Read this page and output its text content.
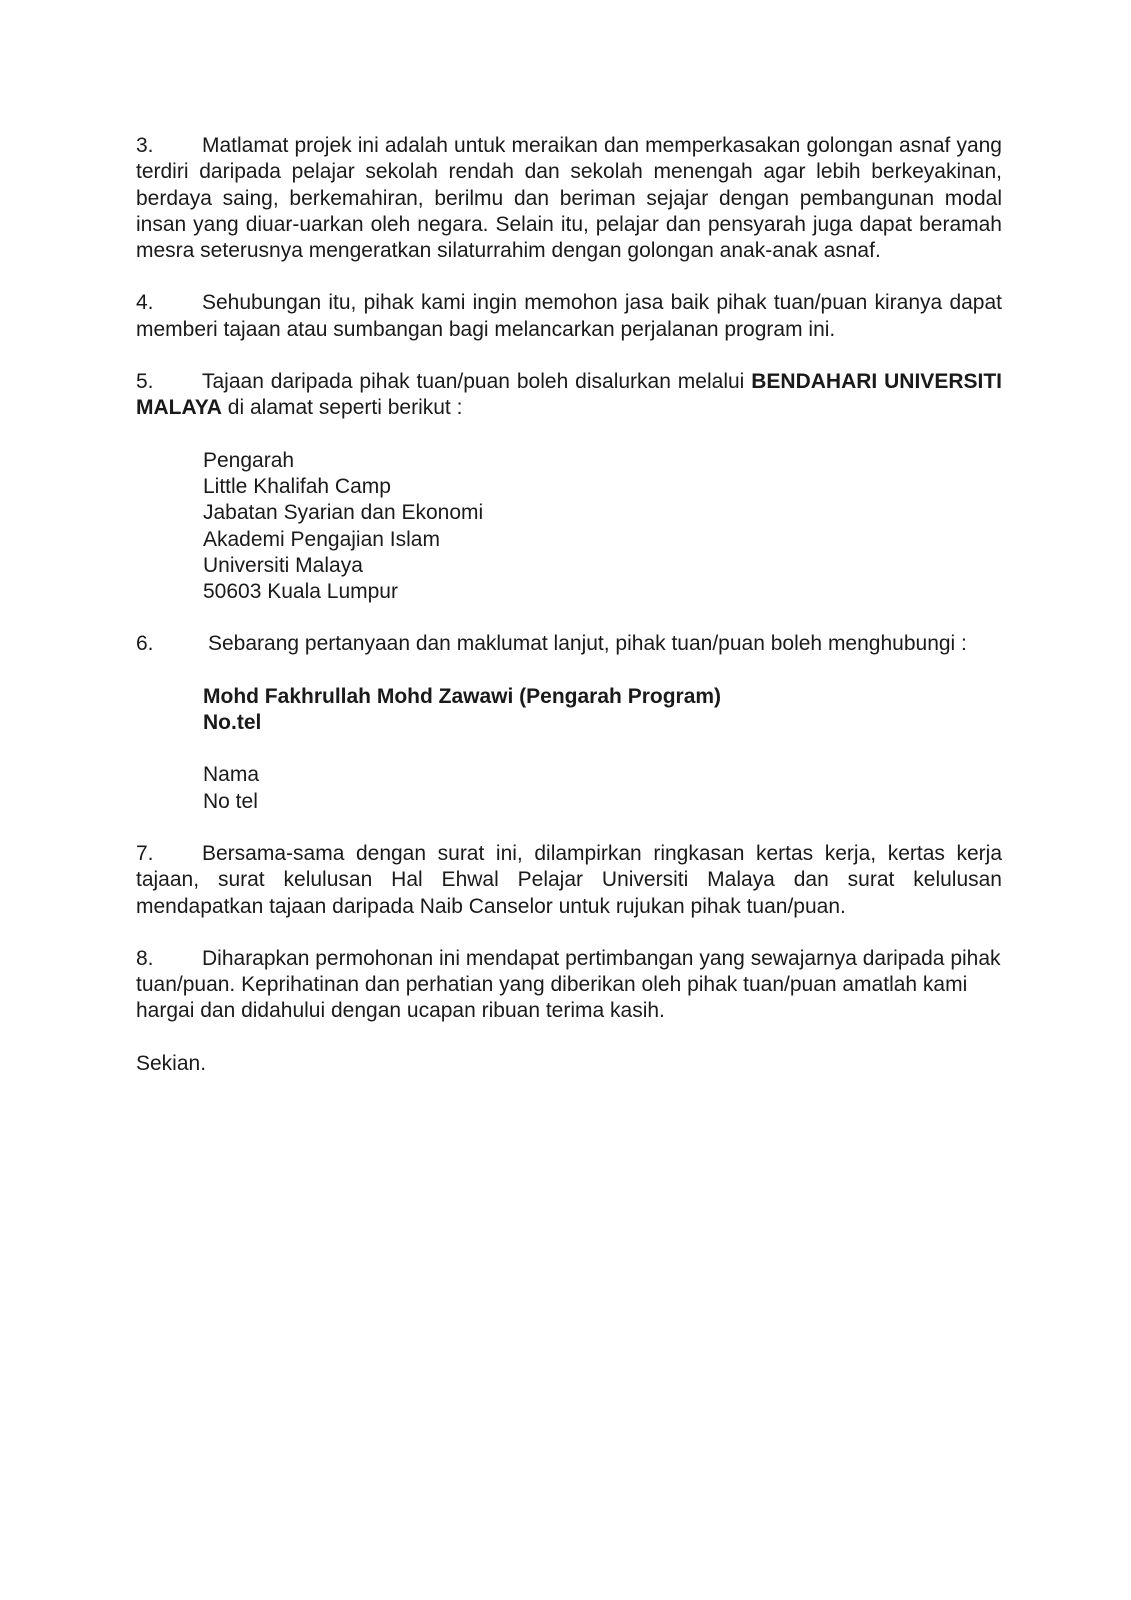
3. Matlamat projek ini adalah untuk meraikan dan memperkasakan golongan asnaf yang terdiri daripada pelajar sekolah rendah dan sekolah menengah agar lebih berkeyakinan, berdaya saing, berkemahiran, berilmu dan beriman sejajar dengan pembangunan modal insan yang diuar-uarkan oleh negara. Selain itu, pelajar dan pensyarah juga dapat beramah mesra seterusnya mengeratkan silaturrahim dengan golongan anak-anak asnaf.

4. Sehubungan itu, pihak kami ingin memohon jasa baik pihak tuan/puan kiranya dapat memberi tajaan atau sumbangan bagi melancarkan perjalanan program ini.

5. Tajaan daripada pihak tuan/puan boleh disalurkan melalui BENDAHARI UNIVERSITI MALAYA di alamat seperti berikut :

Pengarah
Little Khalifah Camp
Jabatan Syarian dan Ekonomi
Akademi Pengajian Islam
Universiti Malaya
50603 Kuala Lumpur

6.	Sebarang pertanyaan dan maklumat lanjut, pihak tuan/puan boleh menghubungi :

Mohd Fakhrullah Mohd Zawawi (Pengarah Program)
No.tel
Nama
No tel

7. Bersama-sama dengan surat ini, dilampirkan ringkasan kertas kerja, kertas kerja tajaan, surat kelulusan Hal Ehwal Pelajar Universiti Malaya dan surat kelulusan mendapatkan tajaan daripada Naib Canselor untuk rujukan pihak tuan/puan.

8. Diharapkan permohonan ini mendapat pertimbangan yang sewajarnya daripada pihak tuan/puan. Keprihatinan dan perhatian yang diberikan oleh pihak tuan/puan amatlah kami hargai dan didahului dengan ucapan ribuan terima kasih.

Sekian.
